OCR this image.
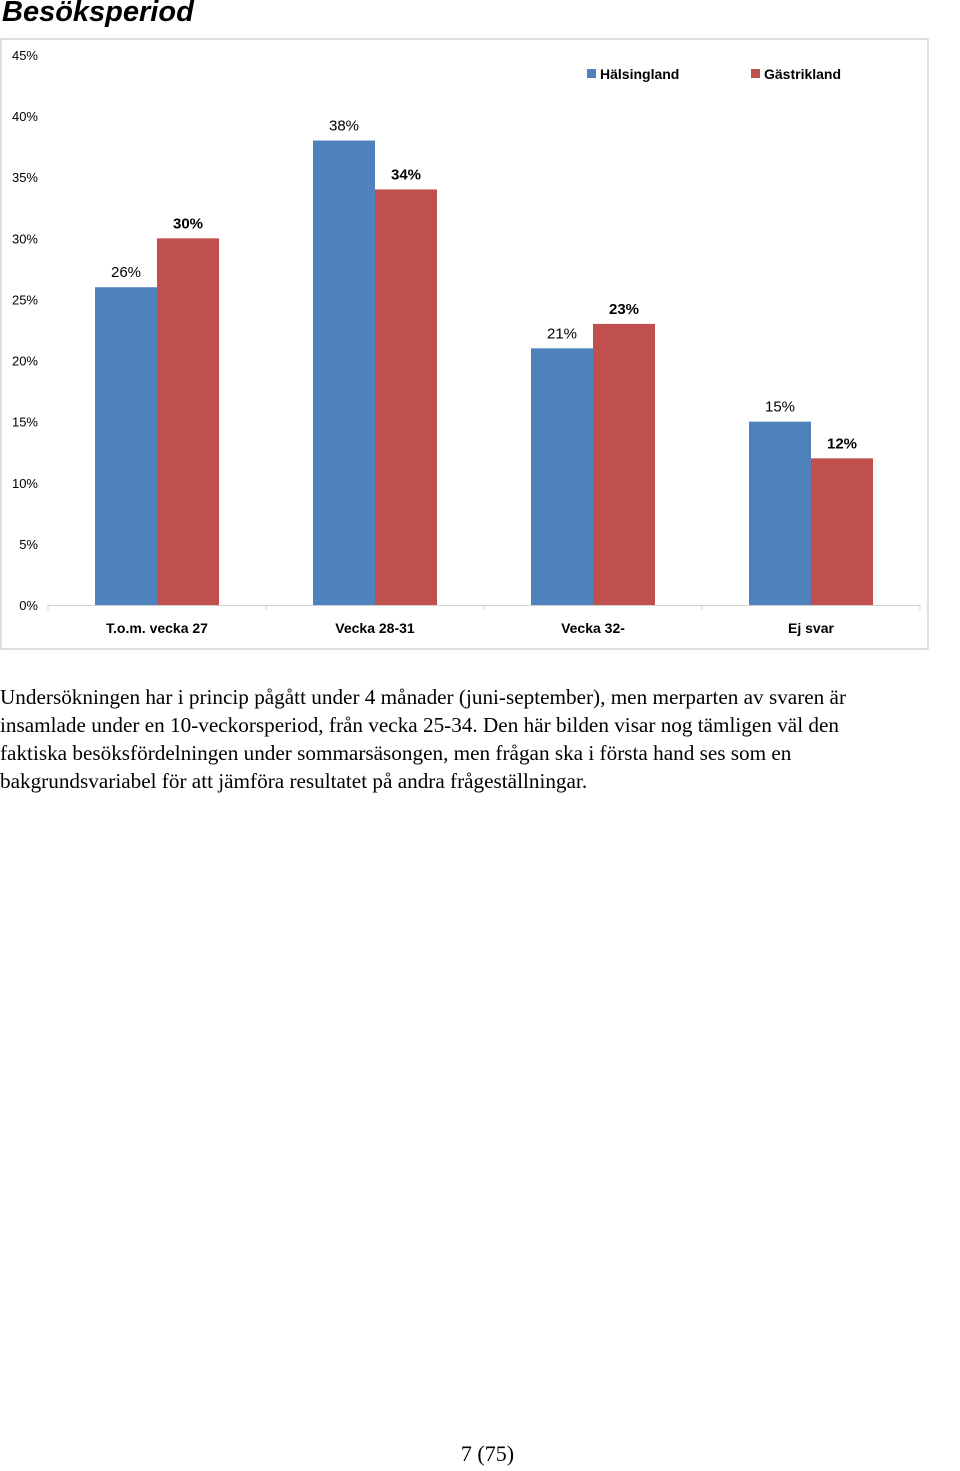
Besöksperiod
0%
5%
10%
15%
20%
25%
30%
35%
40%
45%
26%
30%
T.o.m. vecka 27
38%
34%
Vecka 28-31
21%
23%
Vecka 32-
15%
12%
Ej svar
Hälsingland	Gästrikland

Undersökningen har i princip pågått under 4 månader (juni-september), men merparten av svaren är
insamlade under en 10-veckorsperiod, från vecka 25-34. Den här bilden visar nog tämligen väl den
faktiska besöksfördelningen under sommarsäsongen, men frågan ska i första hand ses som en
bakgrundsvariabel för att jämföra resultatet på andra frågeställningar.

7 (75)
